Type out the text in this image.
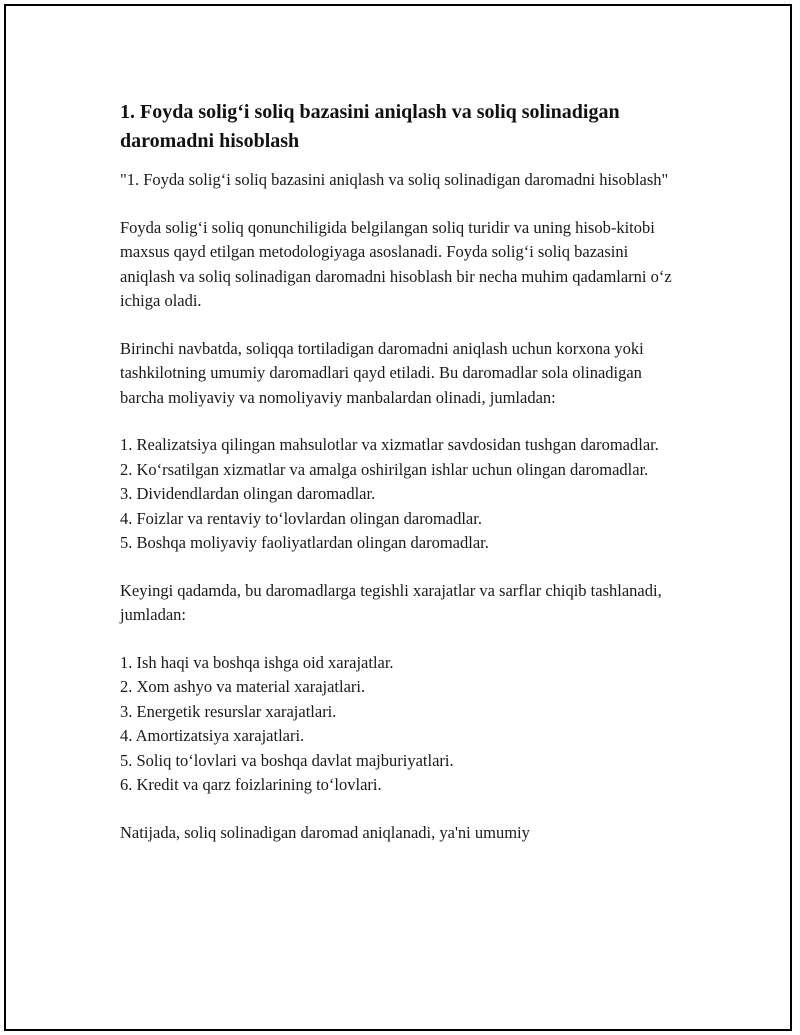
1. Foyda solig‘i soliq bazasini aniqlash va soliq solinadigan daromadni hisoblash

"1. Foyda solig‘i soliq bazasini aniqlash va soliq solinadigan daromadni hisoblash"

Foyda solig‘i soliq qonunchiligida belgilangan soliq turidir va uning hisob-kitobi maxsus qayd etilgan metodologiyaga asoslanadi. Foyda solig‘i soliq bazasini aniqlash va soliq solinadigan daromadni hisoblash bir necha muhim qadamlarni o‘z ichiga oladi.

Birinchi navbatda, soliqqa tortiladigan daromadni aniqlash uchun korxona yoki tashkilotning umumiy daromadlari qayd etiladi. Bu daromadlar sola olinadigan barcha moliyaviy va nomoliyaviy manbalardan olinadi, jumladan:

1. Realizatsiya qilingan mahsulotlar va xizmatlar savdosidan tushgan daromadlar.
2. Ko‘rsatilgan xizmatlar va amalga oshirilgan ishlar uchun olingan daromadlar.
3. Dividendlardan olingan daromadlar.
4. Foizlar va rentaviy to‘lovlardan olingan daromadlar.
5. Boshqa moliyaviy faoliyatlardan olingan daromadlar.

Keyingi qadamda, bu daromadlarga tegishli xarajatlar va sarflar chiqib tashlanadi, jumladan:

1. Ish haqi va boshqa ishga oid xarajatlar.
2. Xom ashyo va material xarajatlari.
3. Energetik resurslar xarajatlari.
4. Amortizatsiya xarajatlari.
5. Soliq to‘lovlari va boshqa davlat majburiyatlari.
6. Kredit va qarz foizlarining to‘lovlari.

Natijada, soliq solinadigan daromad aniqlanadi, ya'ni umumiy
